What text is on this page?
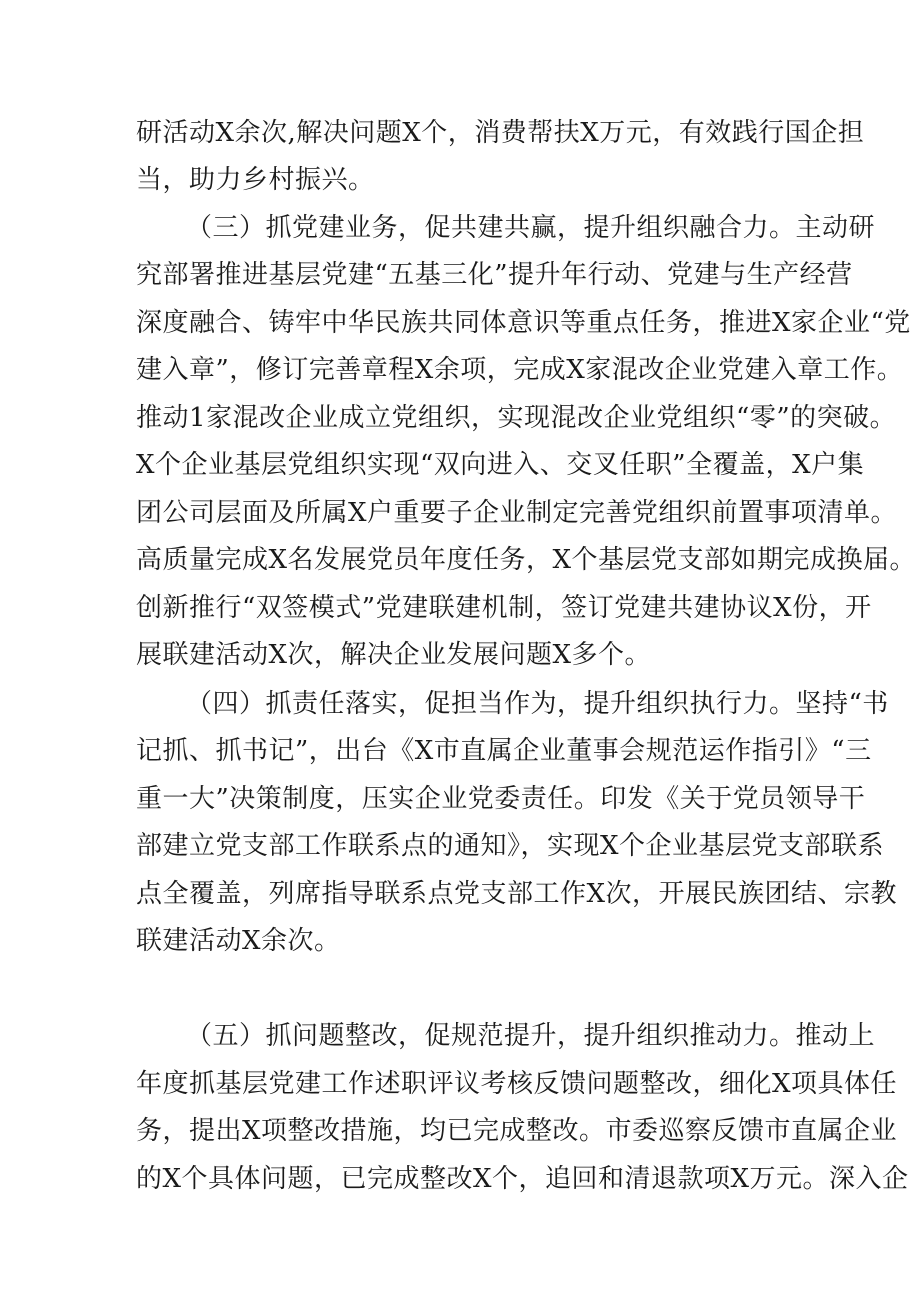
研活动X余次,解决问题X个，消费帮扶X万元，有效践行国企担
当，助力乡村振兴。
（三）抓党建业务，促共建共赢，提升组织融合力。主动研
究部署推进基层党建“五基三化”提升年行动、党建与生产经营
深度融合、铸牢中华民族共同体意识等重点任务，推进X家企业“党
建入章”，修订完善章程X余项，完成X家混改企业党建入章工作。
推动1家混改企业成立党组织，实现混改企业党组织“零”的突破。
X个企业基层党组织实现“双向进入、交叉任职”全覆盖，X户集
团公司层面及所属X户重要子企业制定完善党组织前置事项清单。
高质量完成X名发展党员年度任务，X个基层党支部如期完成换届。
创新推行“双签模式”党建联建机制，签订党建共建协议X份，开
展联建活动X次，解决企业发展问题X多个。
（四）抓责任落实，促担当作为，提升组织执行力。坚持“书
记抓、抓书记”，出台《X市直属企业董事会规范运作指引》“三
重一大”决策制度，压实企业党委责任。印发《关于党员领导干
部建立党支部工作联系点的通知》，实现X个企业基层党支部联系
点全覆盖，列席指导联系点党支部工作X次，开展民族团结、宗教
联建活动X余次。
（五）抓问题整改，促规范提升，提升组织推动力。推动上
年度抓基层党建工作述职评议考核反馈问题整改，细化X项具体任
务，提出X项整改措施，均已完成整改。市委巡察反馈市直属企业
的X个具体问题，已完成整改X个，追回和清退款项X万元。深入企
